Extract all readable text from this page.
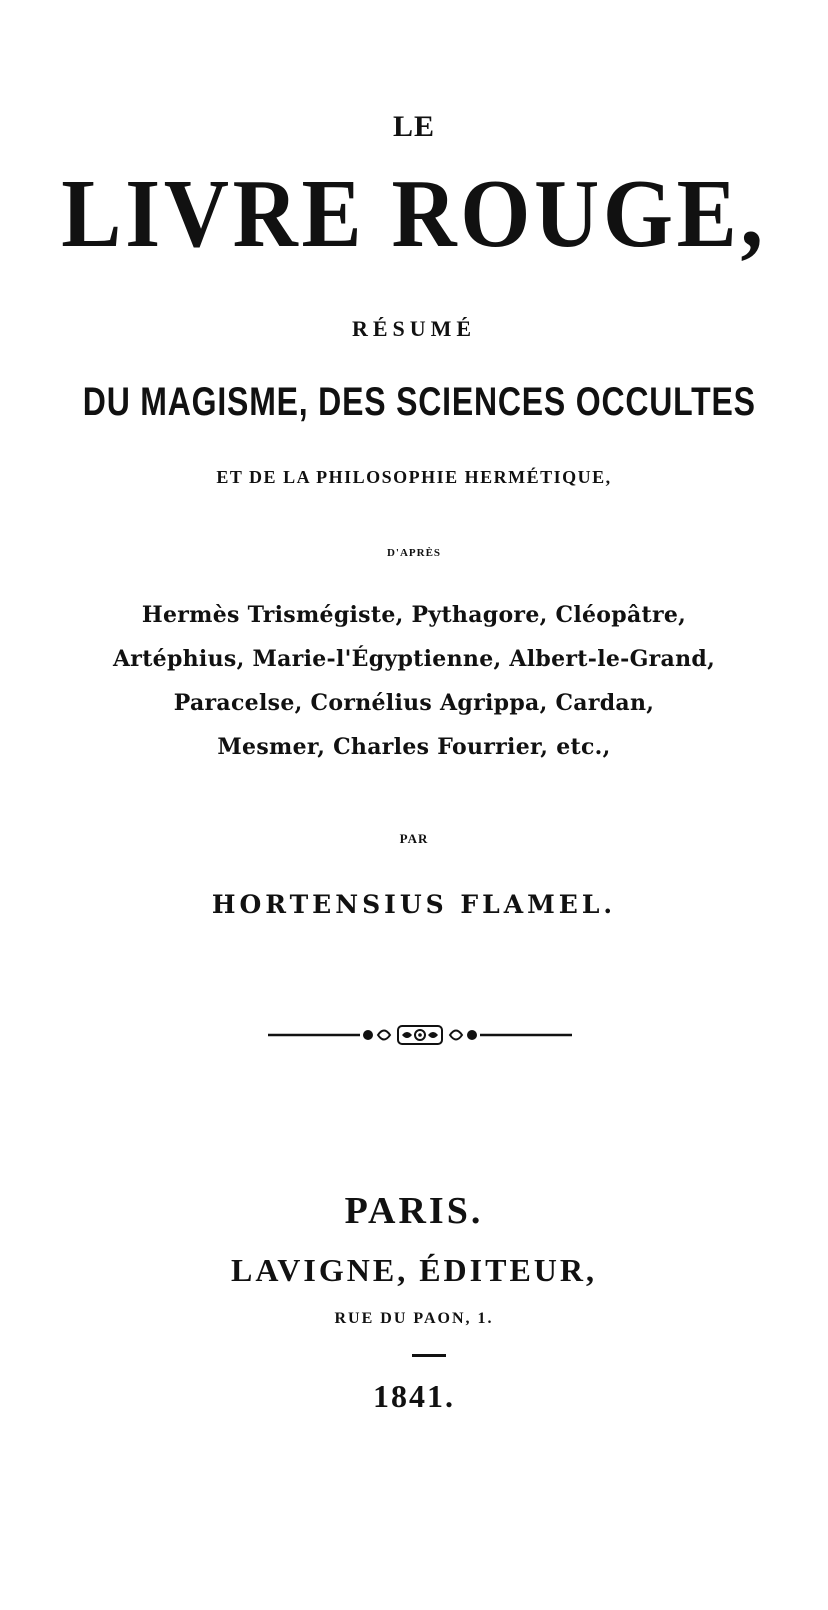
LE
LIVRE ROUGE,
RÉSUMÉ
DU MAGISME, DES SCIENCES OCCULTES
ET DE LA PHILOSOPHIE HERMÉTIQUE,
D'APRÈS
Hermès Trismégiste, Pythagore, Cléopâtre,
Artéphius, Marie-l'Égyptienne, Albert-le-Grand,
Paracelse, Cornélius Agrippa, Cardan,
Mesmer, Charles Fourrier, etc.,
PAR
HORTENSIUS FLAMEL.
PARIS.
LAVIGNE, ÉDITEUR,
RUE DU PAON, 1.
1841.
